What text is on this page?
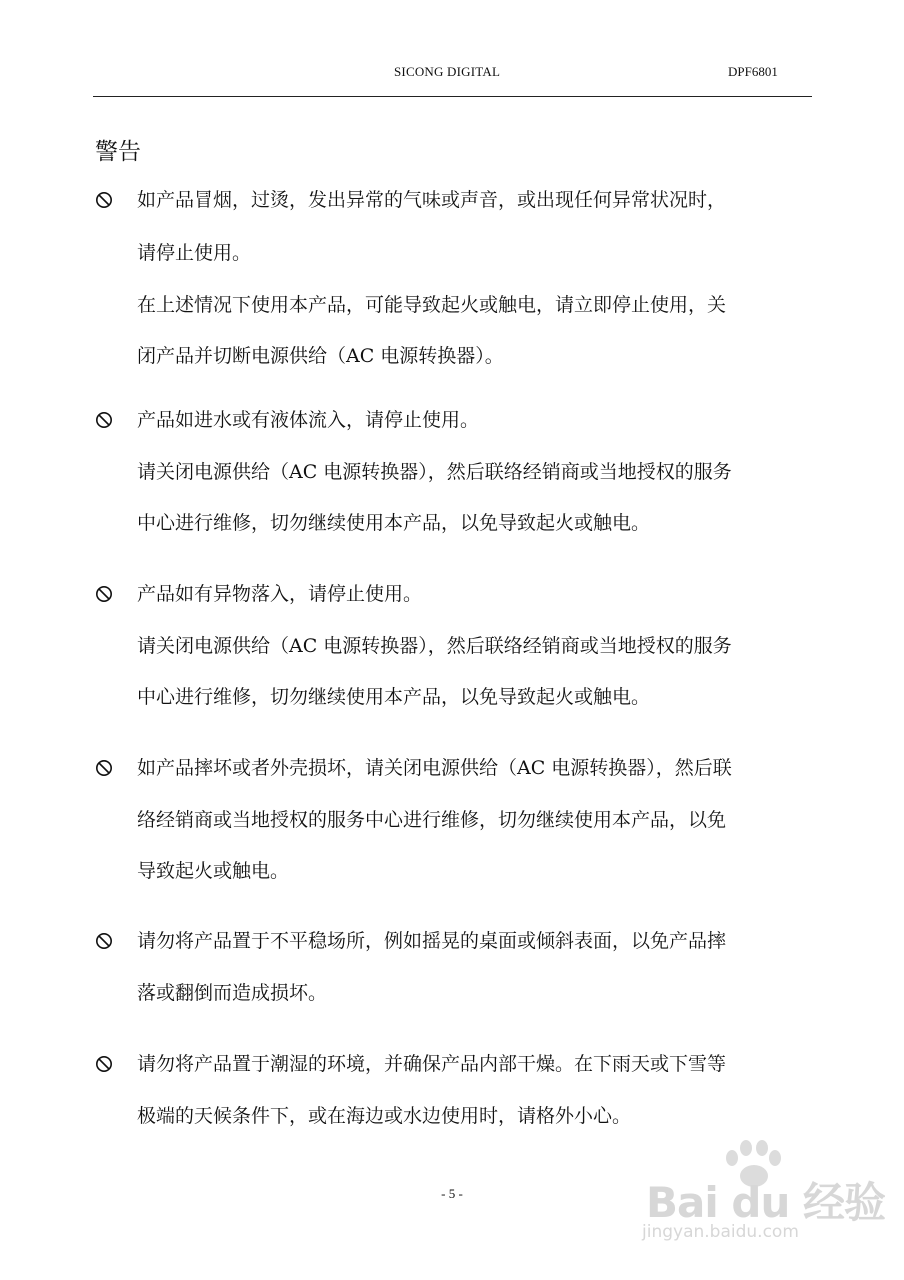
SICONG DIGITAL	DPF6801
警告
如产品冒烟，过烫，发出异常的气味或声音，或出现任何异常状况时，
请停止使用。
在上述情况下使用本产品，可能导致起火或触电，请立即停止使用，关
闭产品并切断电源供给（AC 电源转换器）。
产品如进水或有液体流入，请停止使用。
请关闭电源供给（AC 电源转换器），然后联络经销商或当地授权的服务
中心进行维修，切勿继续使用本产品，以免导致起火或触电。
产品如有异物落入，请停止使用。
请关闭电源供给（AC 电源转换器），然后联络经销商或当地授权的服务
中心进行维修，切勿继续使用本产品，以免导致起火或触电。
如产品摔坏或者外壳损坏，请关闭电源供给（AC 电源转换器），然后联
络经销商或当地授权的服务中心进行维修，切勿继续使用本产品，以免
导致起火或触电。
请勿将产品置于不平稳场所，例如摇晃的桌面或倾斜表面，以免产品摔
落或翻倒而造成损坏。
请勿将产品置于潮湿的环境，并确保产品内部干燥。在下雨天或下雪等
极端的天候条件下，或在海边或水边使用时，请格外小心。
- 5 -	Bai du 经验
jingyan.baidu.com
